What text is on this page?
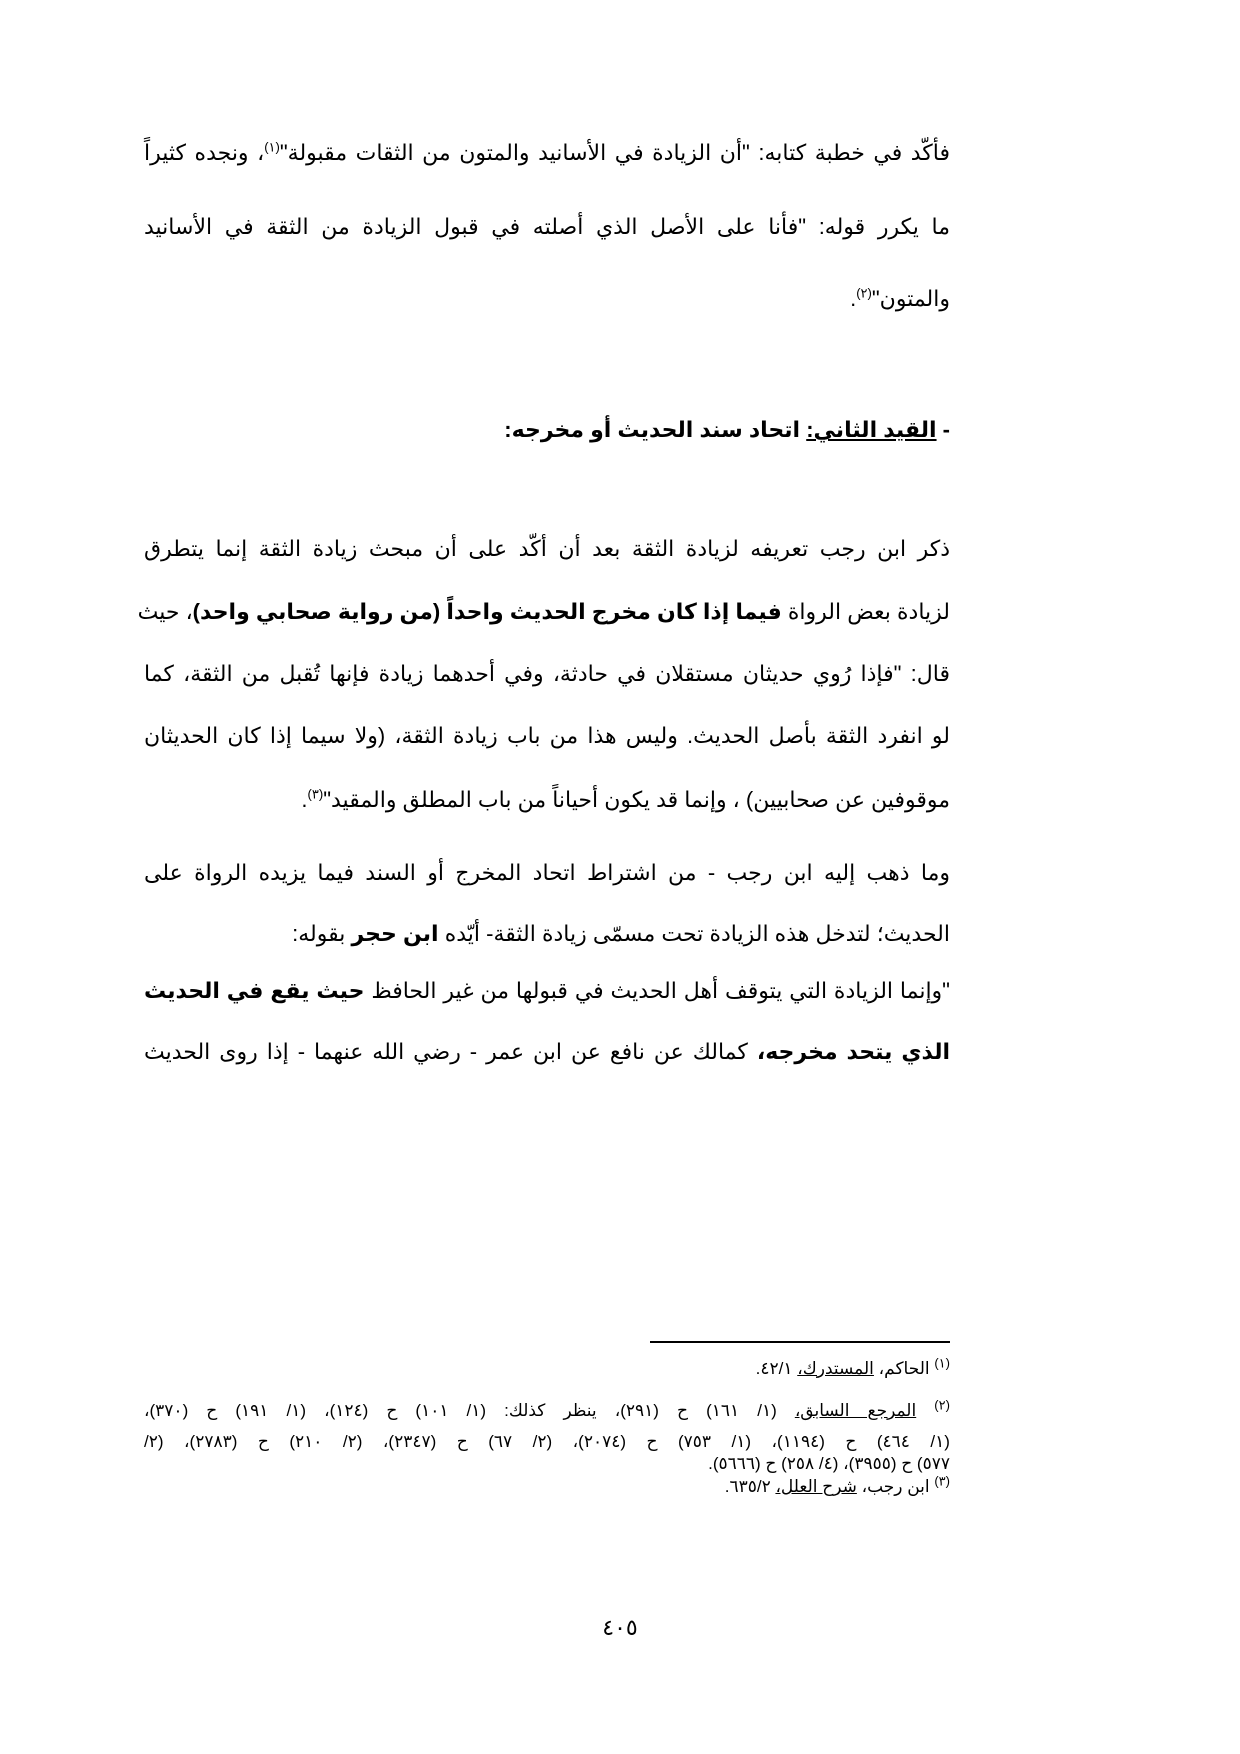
فأكّد في خطبة كتابه: "أن الزيادة في الأسانيد والمتون من الثقات مقبولة"$^{(١)}$، ونجده كثيراً
ما يكرر قوله: "فأنا على الأصل الذي أصلته في قبول الزيادة من الثقة في الأسانيد
والمتون"$^{(٢)}$.
- القيد الثاني: اتحاد سند الحديث أو مخرجه:
ذكر ابن رجب تعريفه لزيادة الثقة بعد أن أكّد على أن مبحث زيادة الثقة إنما يتطرق
لزيادة بعض الرواة فيما إذا كان مخرج الحديث واحداً (من رواية صحابي واحد)، حيث
قال: "فإذا رُوي حديثان مستقلان في حادثة، وفي أحدهما زيادة فإنها تُقبل من الثقة، كما
لو انفرد الثقة بأصل الحديث. وليس هذا من باب زيادة الثقة، (ولا سيما إذا كان الحديثان
موقوفين عن صحابيين) ، وإنما قد يكون أحياناً من باب المطلق والمقيد"$^{(٣)}$.
وما ذهب إليه ابن رجب - من اشتراط اتحاد المخرج أو السند فيما يزيده الرواة على
الحديث؛ لتدخل هذه الزيادة تحت مسمّى زيادة الثقة- أيّده ابن حجر بقوله:
"وإنما الزيادة التي يتوقف أهل الحديث في قبولها من غير الحافظ حيث يقع في الحديث
الذي يتحد مخرجه، كمالك عن نافع عن ابن عمر - رضي الله عنهما - إذا روى الحديث
$^{(١)}$ الحاكم، المستدرك، ٤٢/١.
$^{(٢)}$ المرجع السابق، (١/ ١٦١) ح (٢٩١)، ينظر كذلك: (١/ ١٠١) ح (١٢٤)، (١/ ١٩١) ح (٣٧٠)،
(١/ ٤٦٤) ح (١١٩٤)، (١/ ٧٥٣) ح (٢٠٧٤)، (٢/ ٦٧) ح (٢٣٤٧)، (٢/ ٢١٠) ح (٢٧٨٣)، (٢/
٥٧٧) ح (٣٩٥٥)، (٤/ ٢٥٨) ح (٥٦٦٦).
$^{(٣)}$ ابن رجب، شرح العلل، ٦٣٥/٢.
٤٠٥
